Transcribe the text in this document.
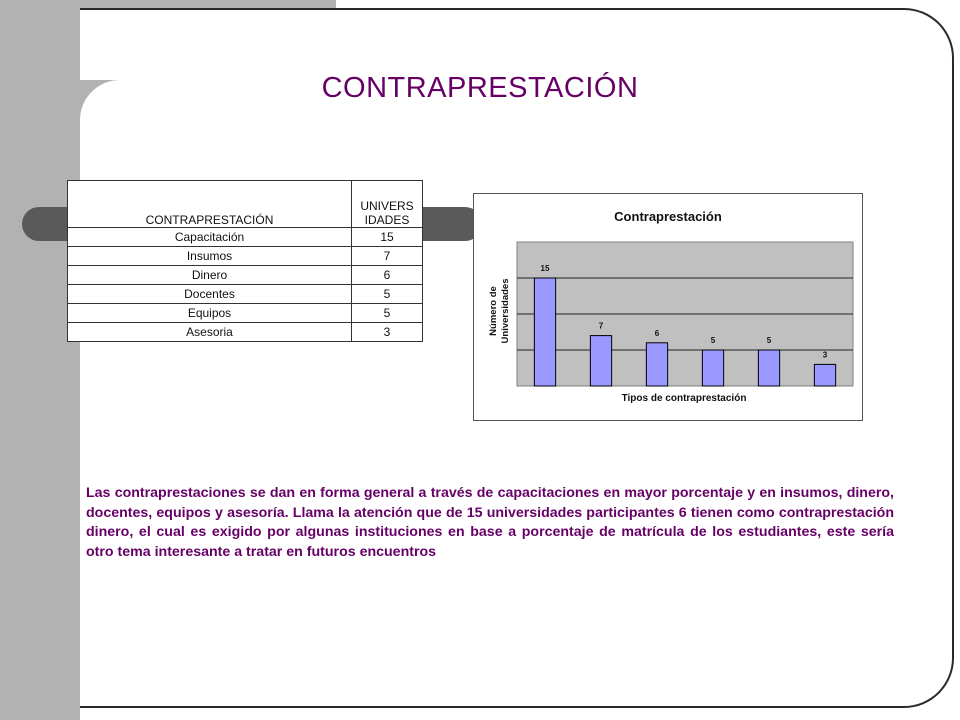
CONTRAPRESTACIÓN
CONTRAPRESTACIÓN	UNIVERS IDADES
Capacitación	15
Insumos	7
Dinero	6
Docentes	5
Equipos	5
Asesoria	3
Contraprestación
15
7
6
5	5
3
Tipos de contraprestación
Número de Universidades

Las contraprestaciones se dan en forma general a través de capacitaciones en mayor porcentaje y en insumos, dinero, docentes, equipos y asesoría. Llama la atención que de 15 universidades participantes 6 tienen como contraprestación dinero, el cual es exigido por algunas instituciones en base a porcentaje de matrícula de los estudiantes, este sería otro tema interesante a tratar en futuros encuentros
